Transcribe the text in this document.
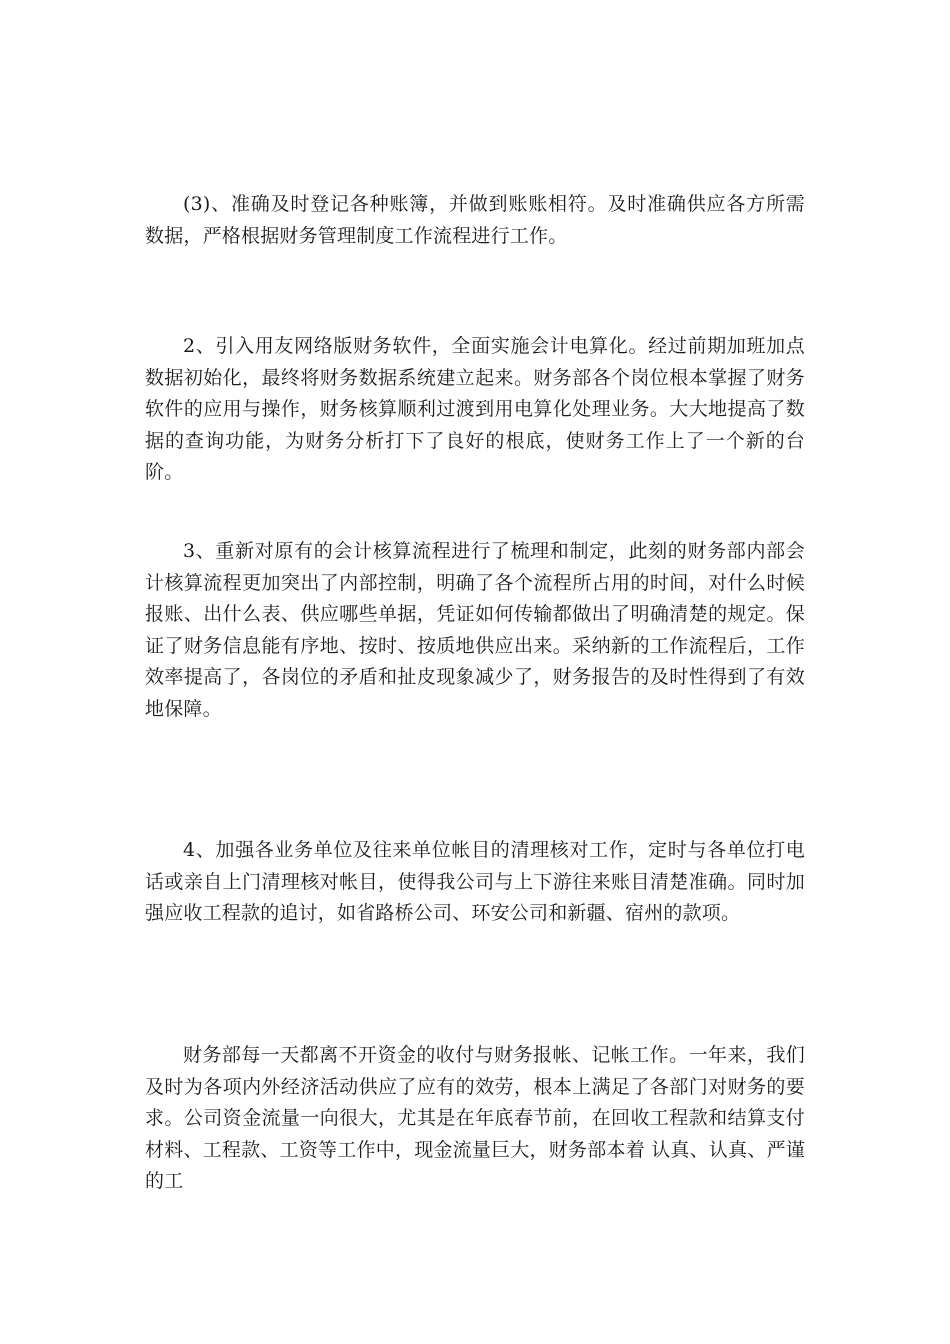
(3)、准确及时登记各种账簿，并做到账账相符。及时准确供应各方所需数据，严格根据财务管理制度工作流程进行工作。

2、引入用友网络版财务软件，全面实施会计电算化。经过前期加班加点数据初始化，最终将财务数据系统建立起来。财务部各个岗位根本掌握了财务软件的应用与操作，财务核算顺利过渡到用电算化处理业务。大大地提高了数据的查询功能，为财务分析打下了良好的根底，使财务工作上了一个新的台阶。

3、重新对原有的会计核算流程进行了梳理和制定，此刻的财务部内部会计核算流程更加突出了内部控制，明确了各个流程所占用的时间，对什么时候报账、出什么表、供应哪些单据，凭证如何传输都做出了明确清楚的规定。保证了财务信息能有序地、按时、按质地供应出来。采纳新的工作流程后，工作效率提高了，各岗位的矛盾和扯皮现象减少了，财务报告的及时性得到了有效地保障。

4、加强各业务单位及往来单位帐目的清理核对工作，定时与各单位打电话或亲自上门清理核对帐目，使得我公司与上下游往来账目清楚准确。同时加强应收工程款的追讨，如省路桥公司、环安公司和新疆、宿州的款项。

财务部每一天都离不开资金的收付与财务报帐、记帐工作。一年来，我们及时为各项内外经济活动供应了应有的效劳，根本上满足了各部门对财务的要求。公司资金流量一向很大，尤其是在年底春节前，在回收工程款和结算支付材料、工程款、工资等工作中，现金流量巨大，财务部本着 认真、认真、严谨 的工
